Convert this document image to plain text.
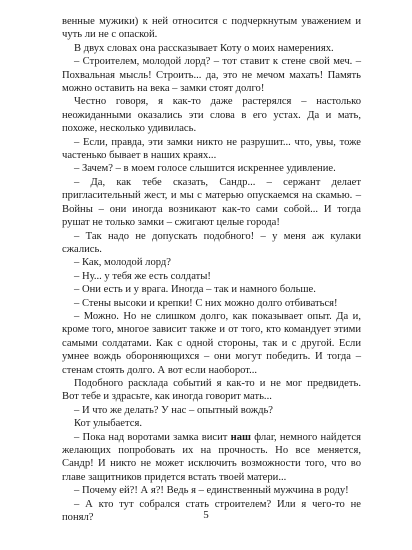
венные мужики) к ней относится с подчеркнутым уважением и чуть ли не с опаской.

В двух словах она рассказывает Коту о моих намерениях.

– Строителем, молодой лорд? – тот ставит к стене свой меч. – Похвальная мысль! Строить... да, это не мечом махать! Память можно оставить на века – замки стоят долго!

Честно говоря, я как-то даже растерялся – настолько неожиданными оказались эти слова в его устах. Да и мать, похоже, несколько удивилась.

– Если, правда, эти замки никто не разрушит... что, увы, тоже частенько бывает в наших краях...

– Зачем? – в моем голосе слышится искреннее удивление.

– Да, как тебе сказать, Сандр... – сержант делает пригласительный жест, и мы с матерью опускаемся на скамью. – Войны – они иногда возникают как-то сами собой... И тогда рушат не только замки – сжигают целые города!

– Так надо не допускать подобного! – у меня аж кулаки сжались.

– Как, молодой лорд?

– Ну... у тебя же есть солдаты!

– Они есть и у врага. Иногда – так и намного больше.

– Стены высоки и крепки! С них можно долго отбиваться!

– Можно. Но не слишком долго, как показывает опыт. Да и, кроме того, многое зависит также и от того, кто командует этими самыми солдатами. Как с одной стороны, так и с другой. Если умнее вождь обороняющихся – они могут победить. И тогда – стенам стоять долго. А вот если наоборот...

Подобного расклада событий я как-то и не мог предвидеть. Вот тебе и здрасьте, как иногда говорит мать...

– И что же делать? У нас – опытный вождь?

Кот улыбается.

– Пока над воротами замка висит наш флаг, немного найдется желающих попробовать их на прочность. Но все меняется, Сандр! И никто не может исключить возможности того, что во главе защитников придется встать твоей матери...

– Почему ей?! А я?! Ведь я – единственный мужчина в роду!

– А кто тут собрался стать строителем? Или я чего-то не понял?	5
